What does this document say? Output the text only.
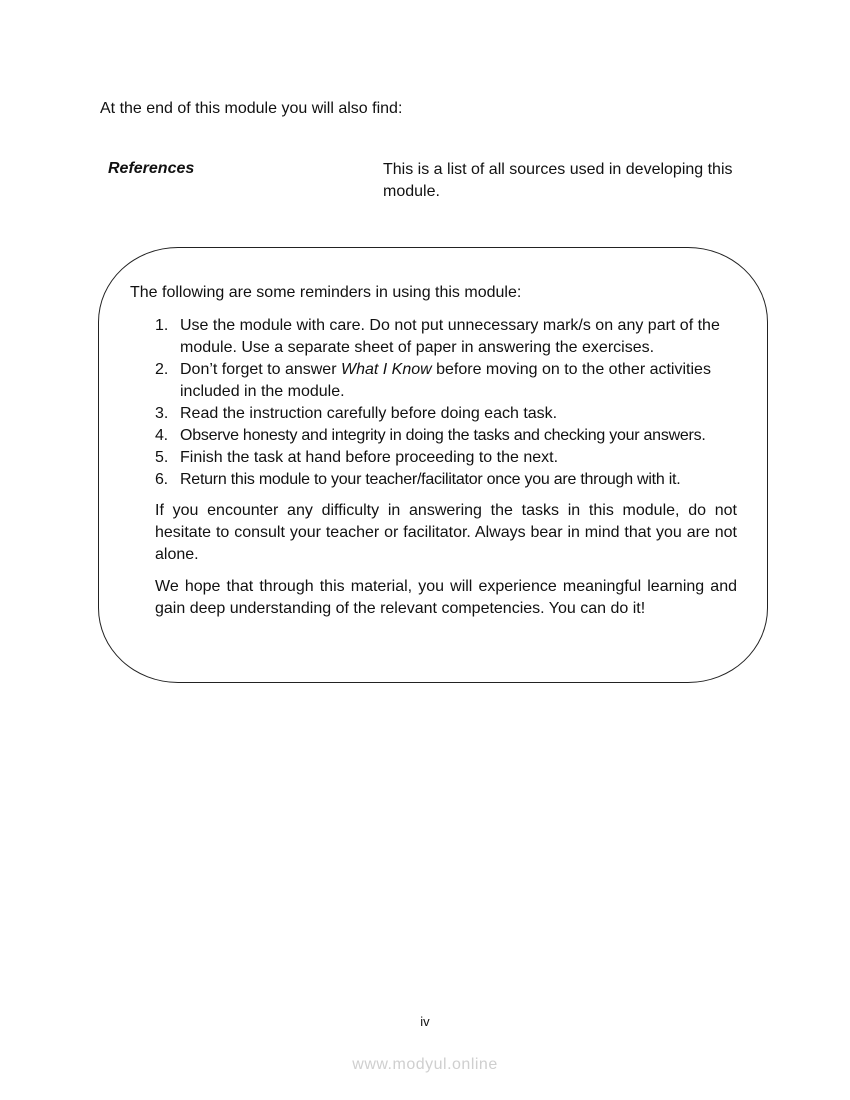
At the end of this module you will also find:
References	This is a list of all sources used in developing this module.
The following are some reminders in using this module:
1. Use the module with care. Do not put unnecessary mark/s on any part of the module. Use a separate sheet of paper in answering the exercises.
2. Don’t forget to answer What I Know before moving on to the other activities included in the module.
3. Read the instruction carefully before doing each task.
4. Observe honesty and integrity in doing the tasks and checking your answers.
5. Finish the task at hand before proceeding to the next.
6. Return this module to your teacher/facilitator once you are through with it.

If you encounter any difficulty in answering the tasks in this module, do not hesitate to consult your teacher or facilitator. Always bear in mind that you are not alone.

We hope that through this material, you will experience meaningful learning and gain deep understanding of the relevant competencies. You can do it!

iv
www.modyul.online
